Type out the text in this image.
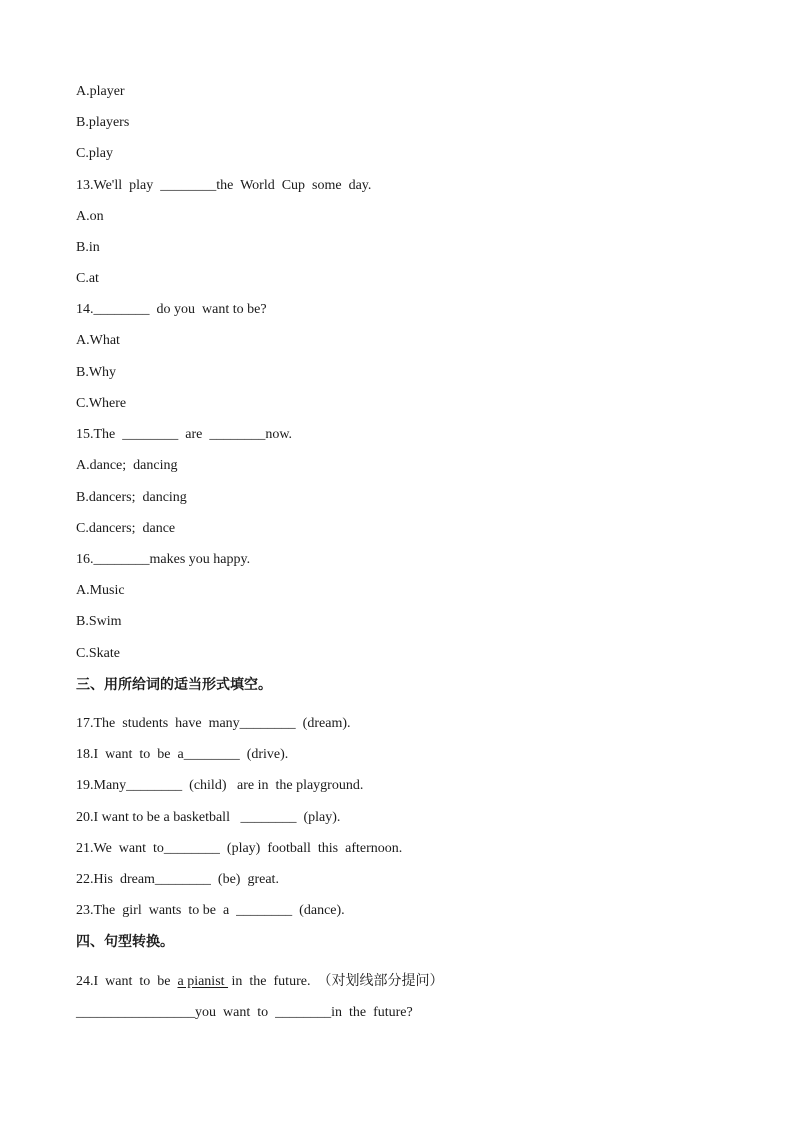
A.player
B.players
C.play
13.We'll  play  ________the  World  Cup  some  day.
A.on
B.in
C.at
14.________  do you  want to be?
A.What
B.Why
C.Where
15.The  ________  are  ________now.
A.dance;  dancing
B.dancers;  dancing
C.dancers;  dance
16.________makes you happy.
A.Music
B.Swim
C.Skate
三、用所给词的适当形式填空。
17.The  students  have  many________  (dream).
18.I  want  to  be  a________  (drive).
19.Many________  (child)   are in  the playground.
20.I want to be a basketball   ________  (play).
21.We  want  to________  (play)  football  this  afternoon.
22.His  dream________  (be)  great.
23.The  girl  wants  to be  a  ________  (dance).
四、句型转换。
24.I  want  to  be  a pianist  in  the  future.  （对划线部分提问）
_________________you  want  to  ________in  the  future?
